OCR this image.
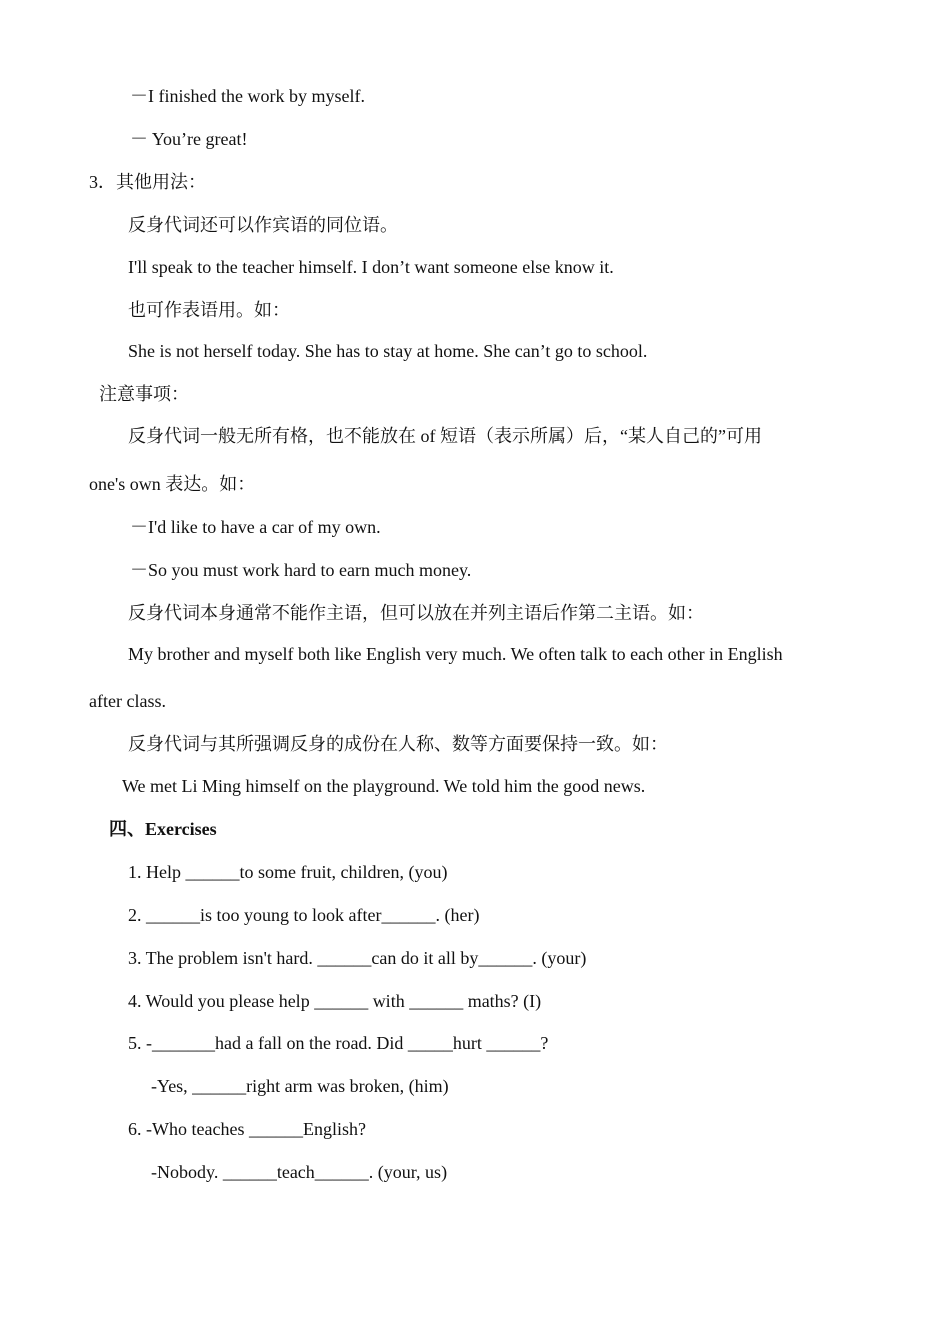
－I finished the work by myself.
－ You’re great!
3．其他用法：
反身代词还可以作宾语的同位语。
I'll speak to the teacher himself. I don’t want someone else know it.
也可作表语用。如：
She is not herself today. She has to stay at home. She can’t go to school.
注意事项：
反身代词一般无所有格，也不能放在 of 短语（表示所属）后，“某人自己的”可用
one's own 表达。如：
－I'd like to have a car of my own.
－So you must work hard to earn much money.
反身代词本身通常不能作主语，但可以放在并列主语后作第二主语。如：
My brother and myself both like English very much. We often talk to each other in English
after class.
反身代词与其所强调反身的成份在人称、数等方面要保持一致。如：
We met Li Ming himself on the playground. We told him the good news.
四、Exercises
1. Help ______to some fruit, children, (you)
2. ______is too young to look after______. (her)
3. The problem isn't hard. ______can do it all by______. (your)
4. Would you please help ______ with ______ maths? (I)
5. -_______had a fall on the road. Did _____hurt ______?
-Yes, ______right arm was broken, (him)
6. -Who teaches ______English?
-Nobody. ______teach______. (your, us)
